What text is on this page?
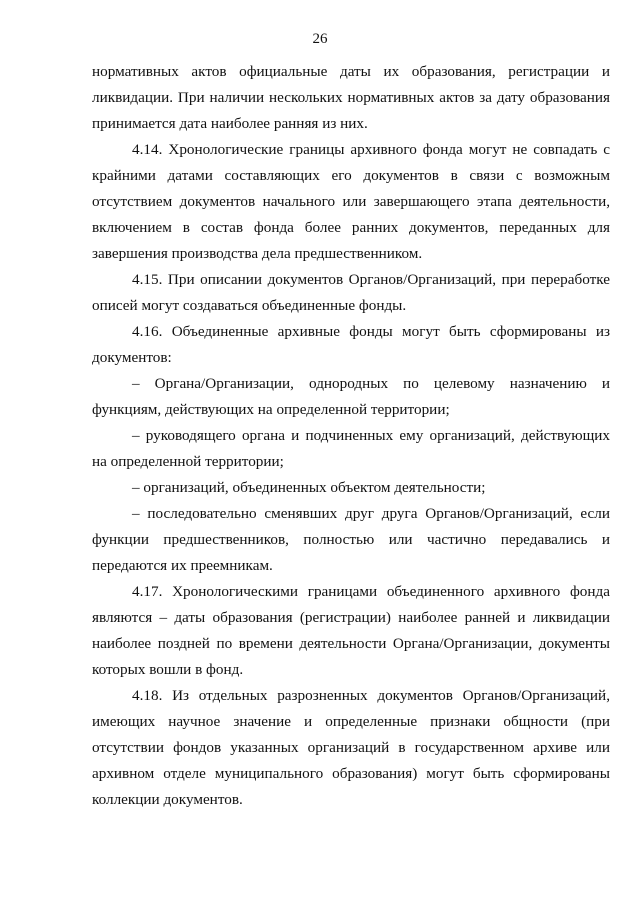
26
нормативных актов официальные даты их образования, регистрации и
ликвидации. При наличии нескольких нормативных актов за дату образования
принимается дата наиболее ранняя из них.
4.14. Хронологические границы архивного фонда могут не совпадать с
крайними датами составляющих его документов в связи с возможным
отсутствием документов начального или завершающего этапа деятельности,
включением в состав фонда более ранних документов, переданных для
завершения производства дела предшественником.
4.15. При описании документов Органов/Организаций, при переработке
описей могут создаваться объединенные фонды.
4.16. Объединенные архивные фонды могут быть сформированы из
документов:
– Органа/Организации, однородных по целевому назначению и
функциям, действующих на определенной территории;
– руководящего органа и подчиненных ему организаций, действующих
на определенной территории;
– организаций, объединенных объектом деятельности;
– последовательно сменявших друг друга Органов/Организаций, если
функции предшественников, полностью или частично передавались и
передаются их преемникам.
4.17. Хронологическими границами объединенного архивного фонда
являются – даты образования (регистрации) наиболее ранней и ликвидации
наиболее поздней по времени деятельности Органа/Организации, документы
которых вошли в фонд.
4.18. Из отдельных разрозненных документов Органов/Организаций,
имеющих научное значение и определенные признаки общности (при
отсутствии фондов указанных организаций в государственном архиве или
архивном отделе муниципального образования) могут быть сформированы
коллекции документов.
